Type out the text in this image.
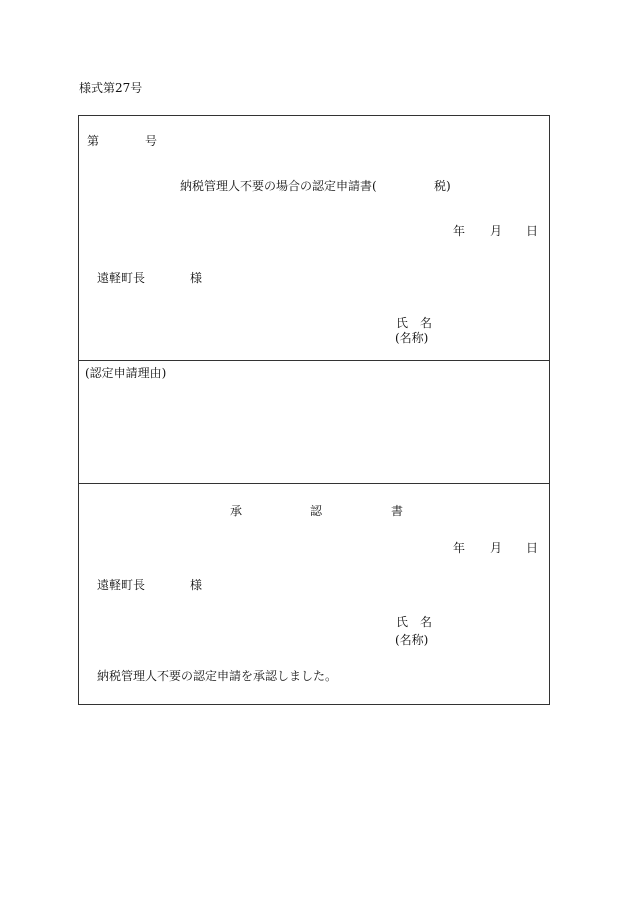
様式第27号
第	号
納税管理人不要の場合の認定申請書(	税)
年 月 日
遠軽町長	様
氏 名
(名称)
(認定申請理由)
承	認	書
年 月 日
遠軽町長	様
氏 名
(名称)
納税管理人不要の認定申請を承認しました。
